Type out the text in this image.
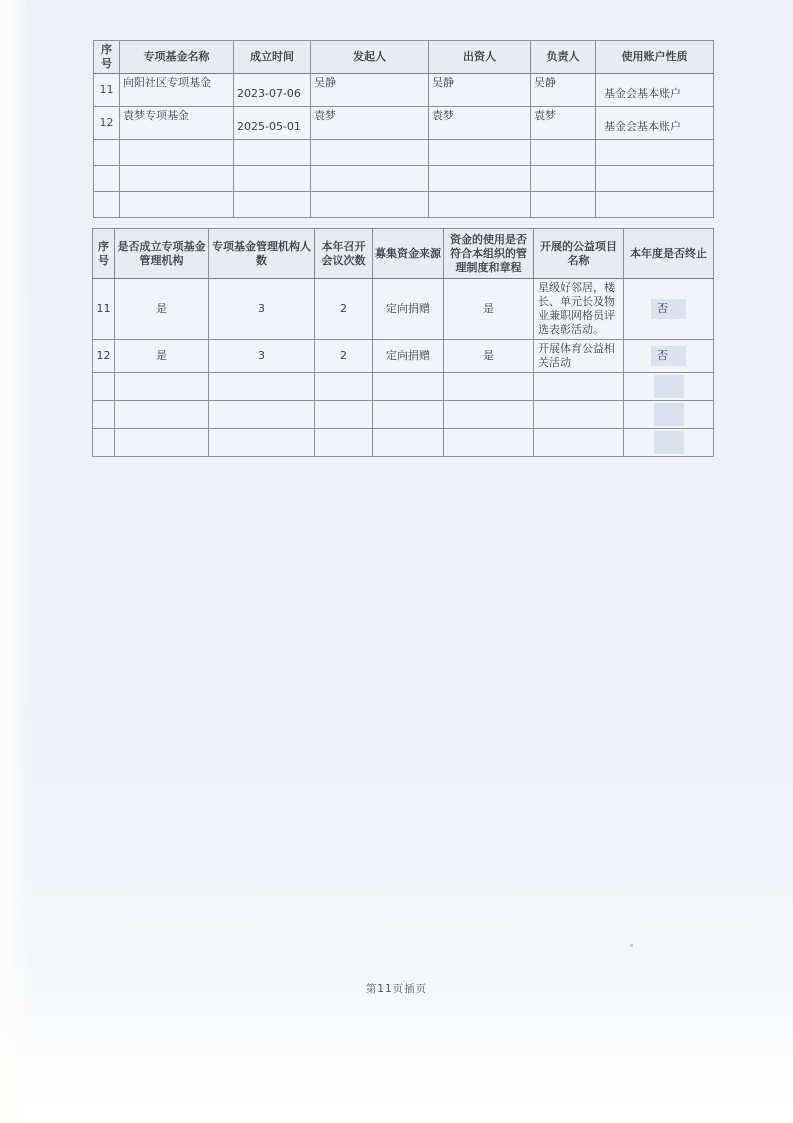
序号	专项基金名称	成立时间	发起人	出资人	负责人	使用账户性质
11	向阳社区专项基金	2023-07-06	吴静	吴静	吴静	基金会基本账户
12	袁梦专项基金	2025-05-01	袁梦	袁梦	袁梦	基金会基本账户

序号	是否成立专项基金管理机构	专项基金管理机构人数	本年召开会议次数	募集资金来源	资金的使用是否符合本组织的管理制度和章程	开展的公益项目名称	本年度是否终止
11	是	3	2	定向捐赠	是	星级好邻居，楼长、单元长及物业兼职网格员评选表彰活动。	否
12	是	3	2	定向捐赠	是	开展体育公益相关活动	否

第11页插页
